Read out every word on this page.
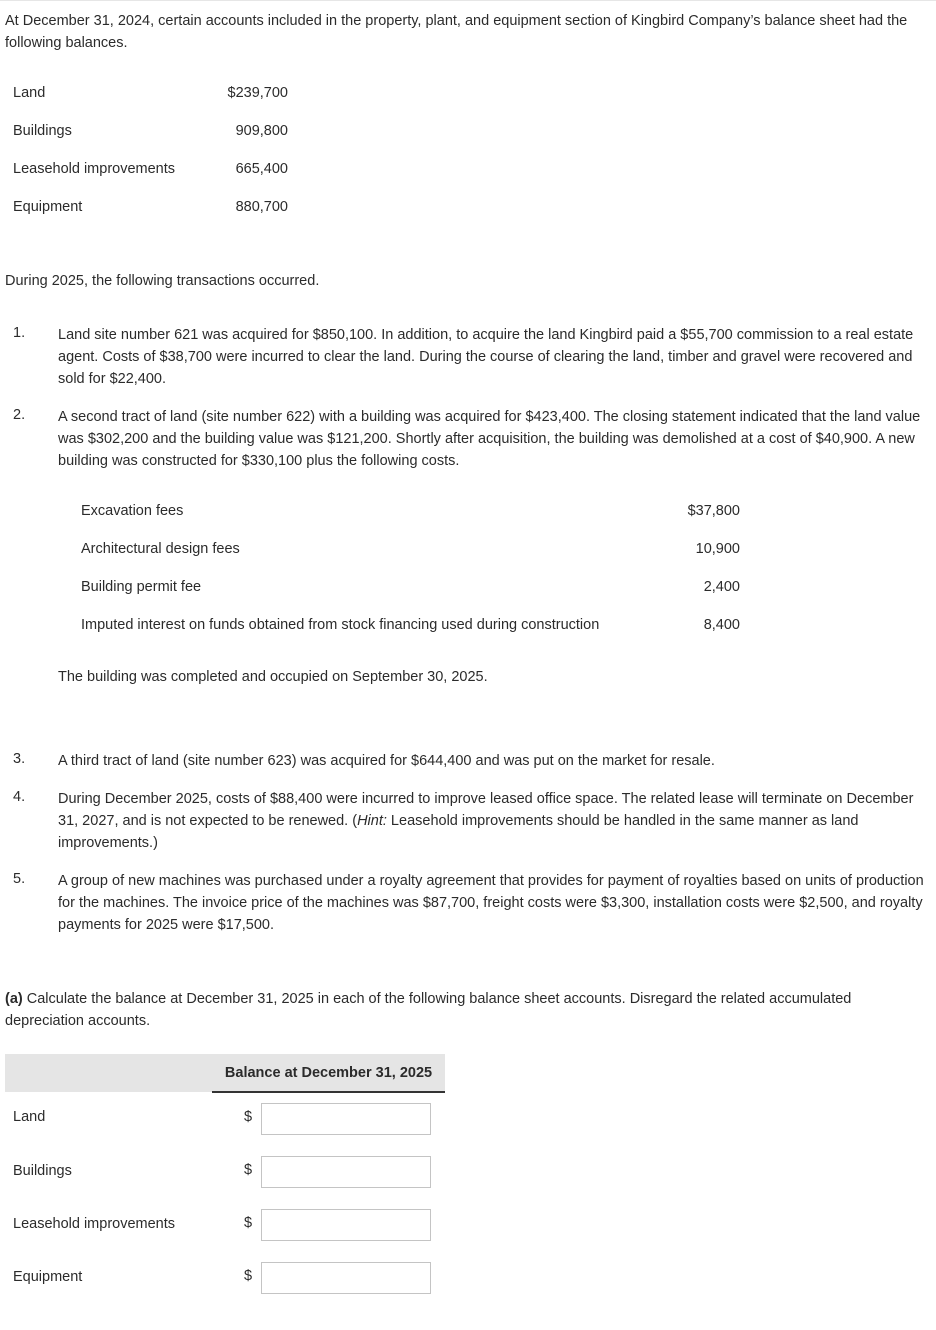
At December 31, 2024, certain accounts included in the property, plant, and equipment section of Kingbird Company’s balance sheet had the following balances.
Land	$239,700
Buildings	909,800
Leasehold improvements	665,400
Equipment	880,700
During 2025, the following transactions occurred.
1. Land site number 621 was acquired for $850,100. In addition, to acquire the land Kingbird paid a $55,700 commission to a real estate agent. Costs of $38,700 were incurred to clear the land. During the course of clearing the land, timber and gravel were recovered and sold for $22,400.
2. A second tract of land (site number 622) with a building was acquired for $423,400. The closing statement indicated that the land value was $302,200 and the building value was $121,200. Shortly after acquisition, the building was demolished at a cost of $40,900. A new building was constructed for $330,100 plus the following costs.
Excavation fees	$37,800
Architectural design fees	10,900
Building permit fee	2,400
Imputed interest on funds obtained from stock financing used during construction	8,400
The building was completed and occupied on September 30, 2025.
3. A third tract of land (site number 623) was acquired for $644,400 and was put on the market for resale.
4. During December 2025, costs of $88,400 were incurred to improve leased office space. The related lease will terminate on December 31, 2027, and is not expected to be renewed. (Hint: Leasehold improvements should be handled in the same manner as land improvements.)
5. A group of new machines was purchased under a royalty agreement that provides for payment of royalties based on units of production for the machines. The invoice price of the machines was $87,700, freight costs were $3,300, installation costs were $2,500, and royalty payments for 2025 were $17,500.
(a) Calculate the balance at December 31, 2025 in each of the following balance sheet accounts. Disregard the related accumulated depreciation accounts.
Balance at December 31, 2025
Land	$
Buildings	$
Leasehold improvements	$
Equipment	$
